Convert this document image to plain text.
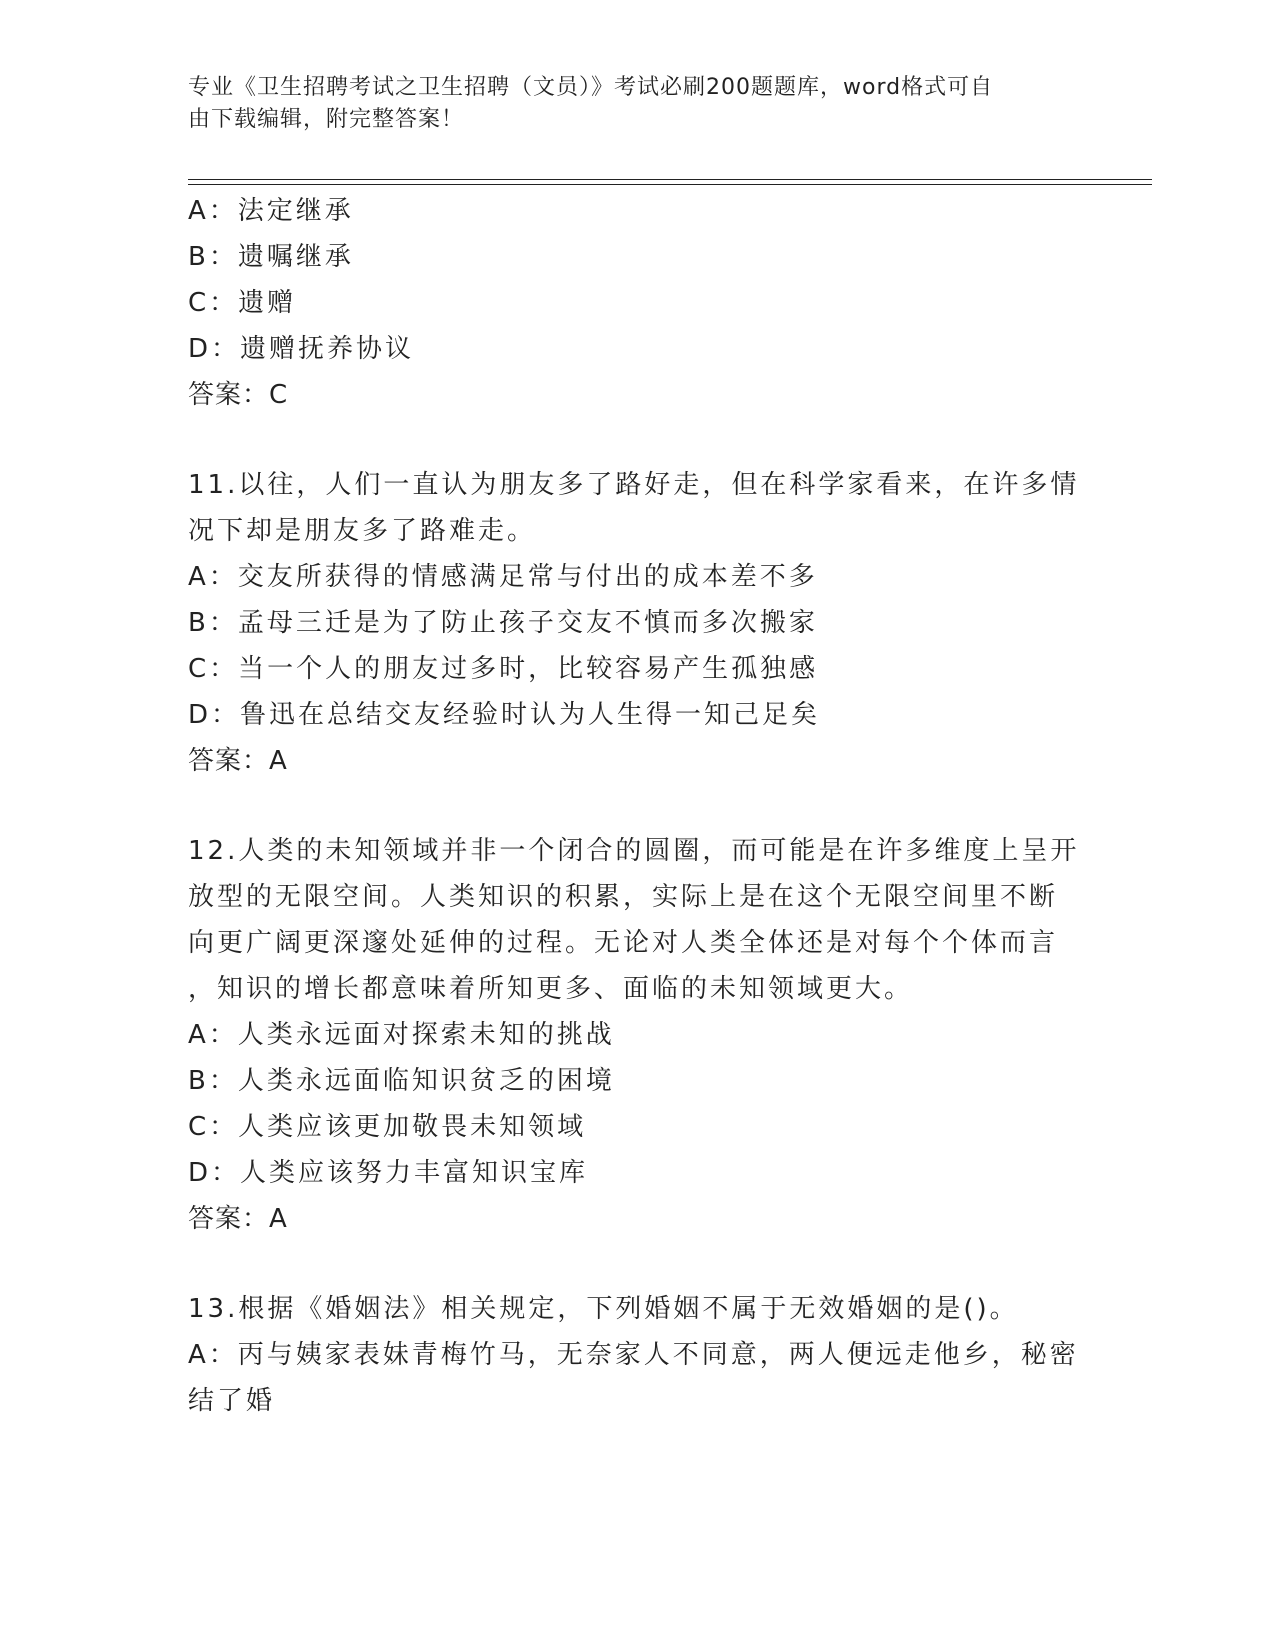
专业《卫生招聘考试之卫生招聘（文员）》考试必刷200题题库，word格式可自
由下载编辑，附完整答案！
A：法定继承
B：遗嘱继承
C：遗赠
D：遗赠抚养协议
答案：C
11.以往，人们一直认为朋友多了路好走，但在科学家看来，在许多情
况下却是朋友多了路难走。
A：交友所获得的情感满足常与付出的成本差不多
B：孟母三迁是为了防止孩子交友不慎而多次搬家
C：当一个人的朋友过多时，比较容易产生孤独感
D：鲁迅在总结交友经验时认为人生得一知己足矣
答案：A
12.人类的未知领域并非一个闭合的圆圈，而可能是在许多维度上呈开
放型的无限空间。人类知识的积累，实际上是在这个无限空间里不断
向更广阔更深邃处延伸的过程。无论对人类全体还是对每个个体而言
，知识的增长都意味着所知更多、面临的未知领域更大。
A：人类永远面对探索未知的挑战
B：人类永远面临知识贫乏的困境
C：人类应该更加敬畏未知领域
D：人类应该努力丰富知识宝库
答案：A
13.根据《婚姻法》相关规定，下列婚姻不属于无效婚姻的是()。
A：丙与姨家表妹青梅竹马，无奈家人不同意，两人便远走他乡，秘密
结了婚
